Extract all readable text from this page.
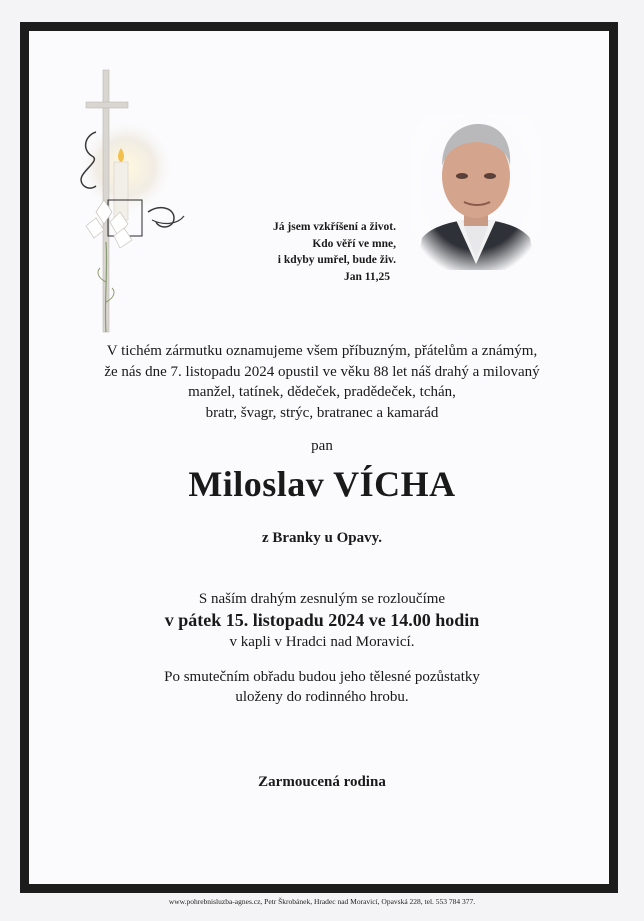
Já jsem vzkříšení a život.
Kdo věří ve mne,
i kdyby umřel, bude živ.
Jan 11,25
V tichém zármutku oznamujeme všem příbuzným, přátelům a známým,
že nás dne 7. listopadu 2024 opustil ve věku 88 let náš drahý a milovaný
manžel, tatínek, dědeček, pradědeček, tchán,
bratr, švagr, strýc, bratranec a kamarád
pan
Miloslav VÍCHA
z Branky u Opavy.
S naším drahým zesnulým se rozloučíme
v pátek 15. listopadu 2024 ve 14.00 hodin
v kapli v Hradci nad Moravicí.
Po smutečním obřadu budou jeho tělesné pozůstatky
uloženy do rodinného hrobu.
Zarmoucená rodina
www.pohrebnisluzba-agnes.cz, Petr Škrobánek, Hradec nad Moravicí, Opavská 228, tel. 553 784 377.
